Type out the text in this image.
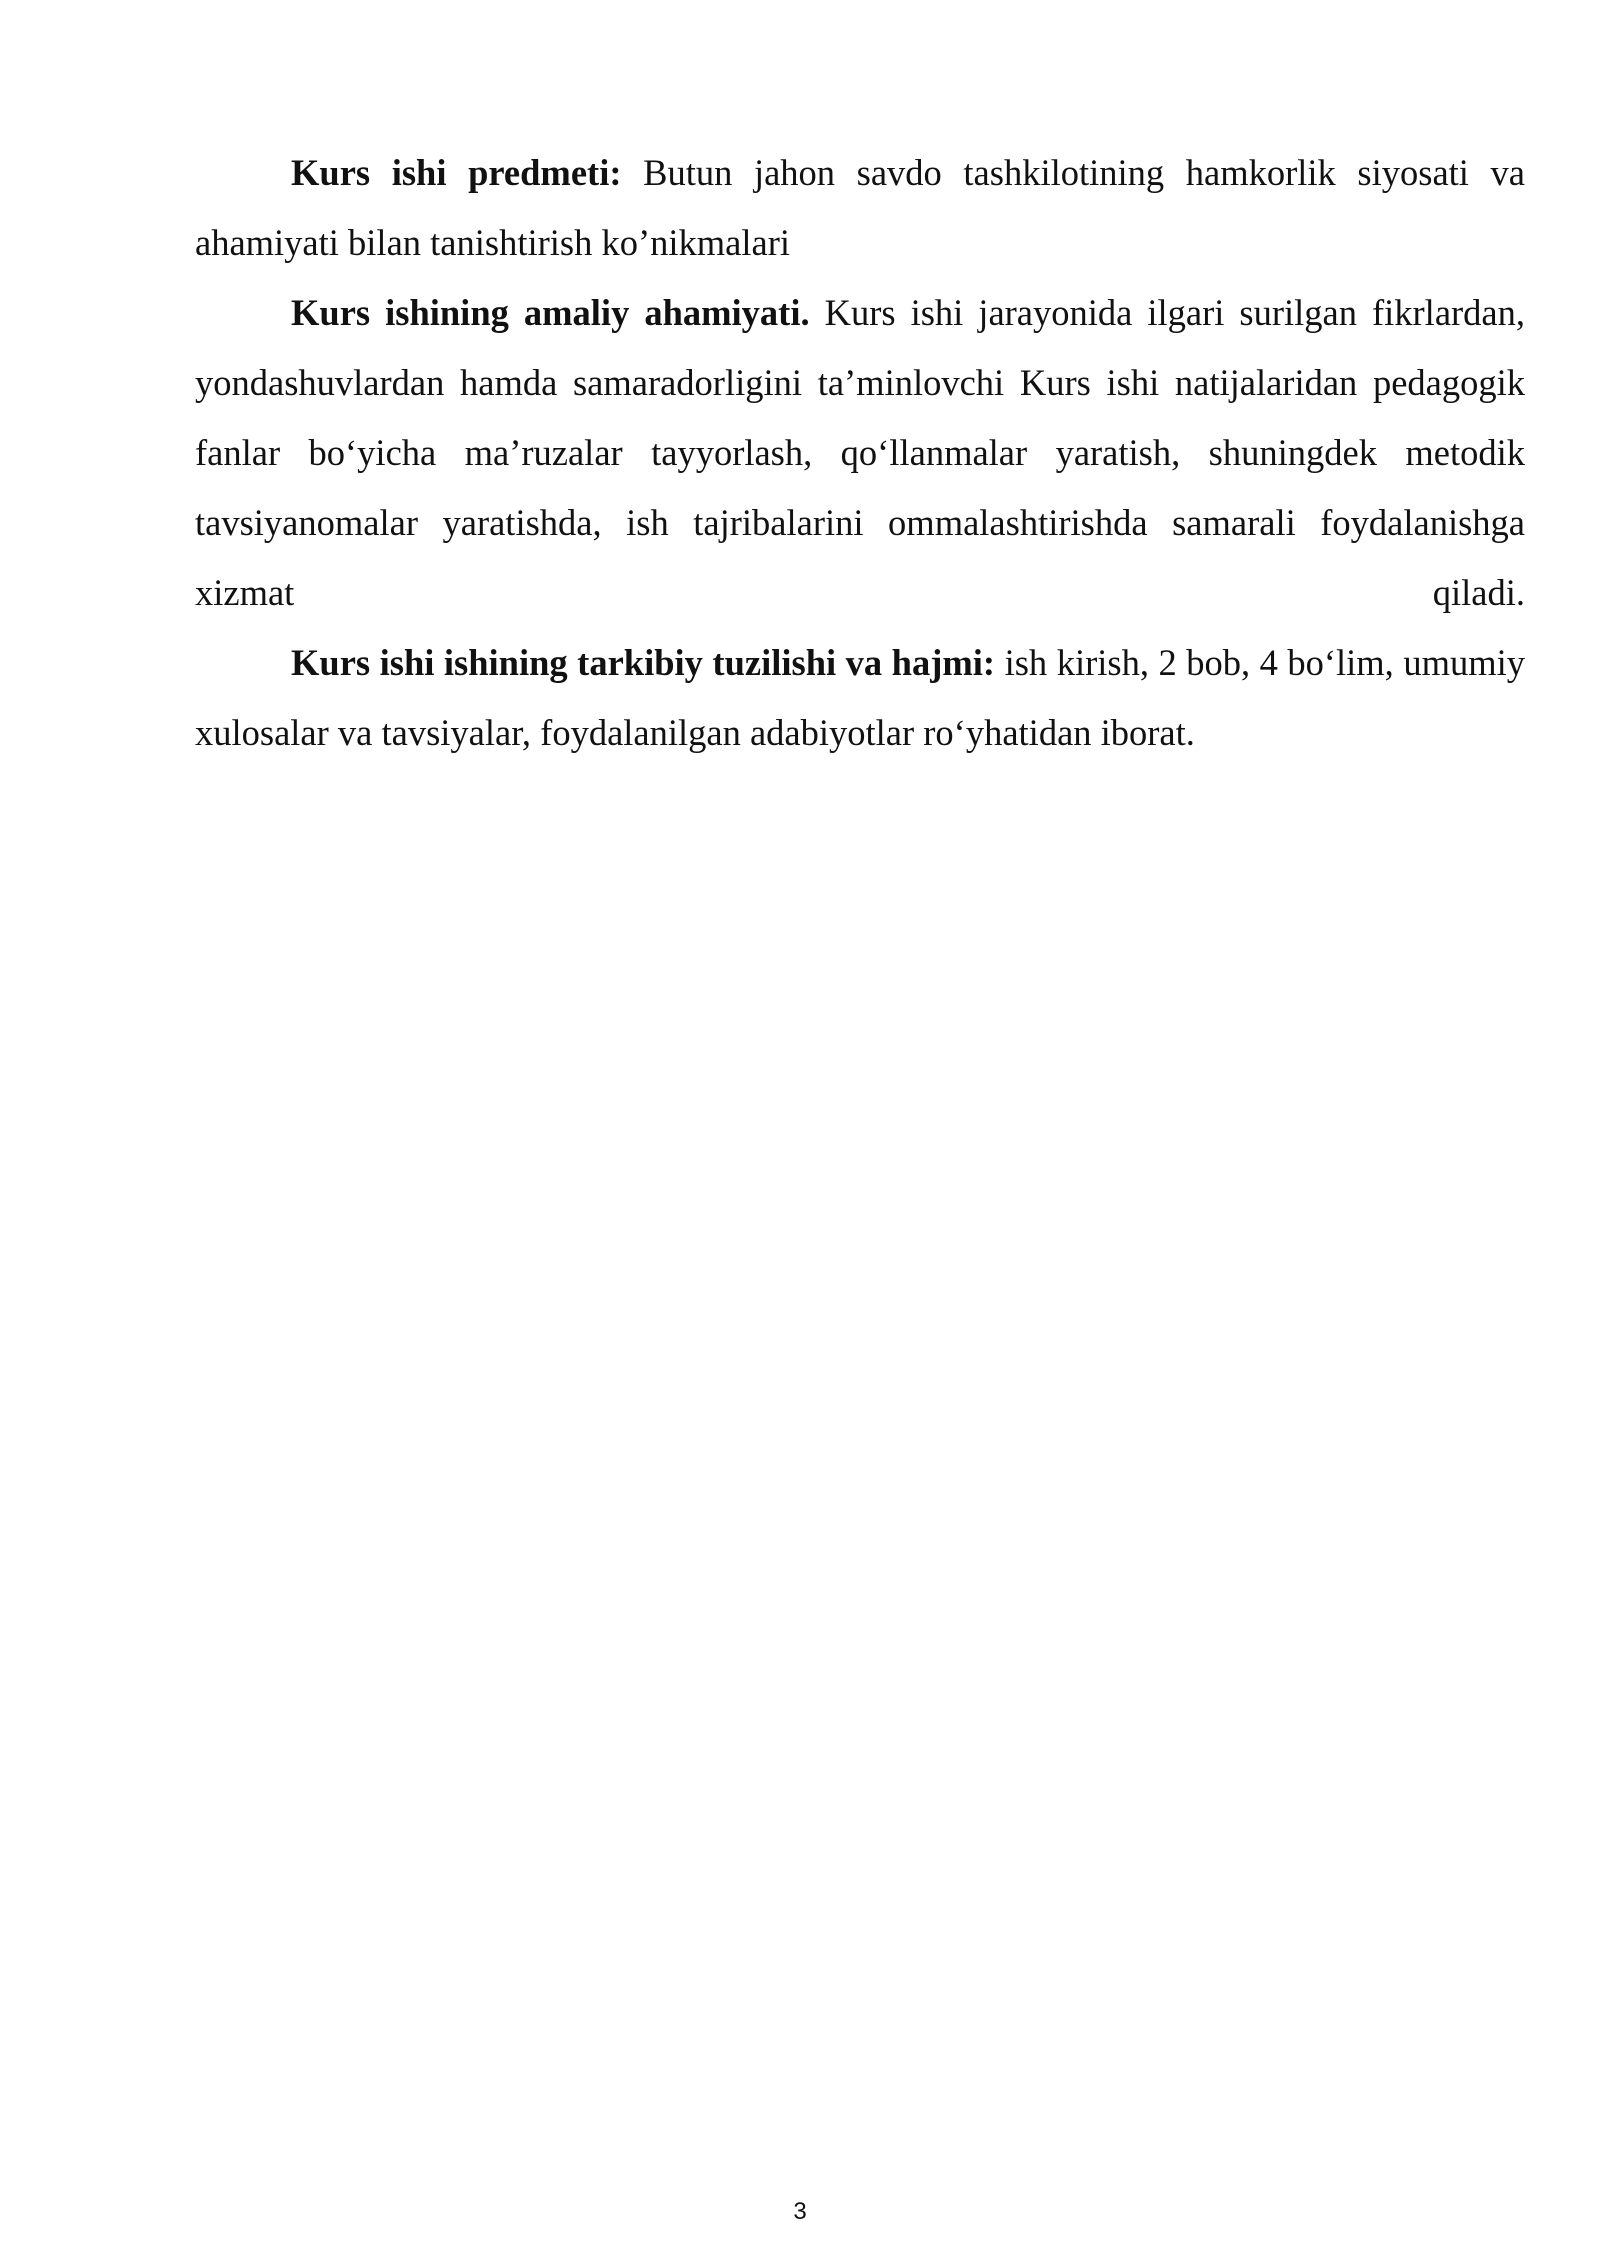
Kurs ishi predmeti: Butun jahon savdo tashkilotining hamkorlik siyosati va ahamiyati bilan tanishtirish ko’nikmalari

Kurs ishining amaliy ahamiyati. Kurs ishi jarayonida ilgari surilgan fikrlardan, yondashuvlardan hamda samaradorligini ta’minlovchi Kurs ishi natijalaridan pedagogik fanlar bo‘yicha ma’ruzalar tayyorlash, qo‘llanmalar yaratish, shuningdek metodik tavsiyanomalar yaratishda, ish tajribalarini ommalashtirishda samarali foydalanishga xizmat qiladi.

Kurs ishi ishining tarkibiy tuzilishi va hajmi: ish kirish, 2 bob, 4 bo‘lim, umumiy xulosalar va tavsiyalar, foydalanilgan adabiyotlar ro‘yhatidan iborat.

3
